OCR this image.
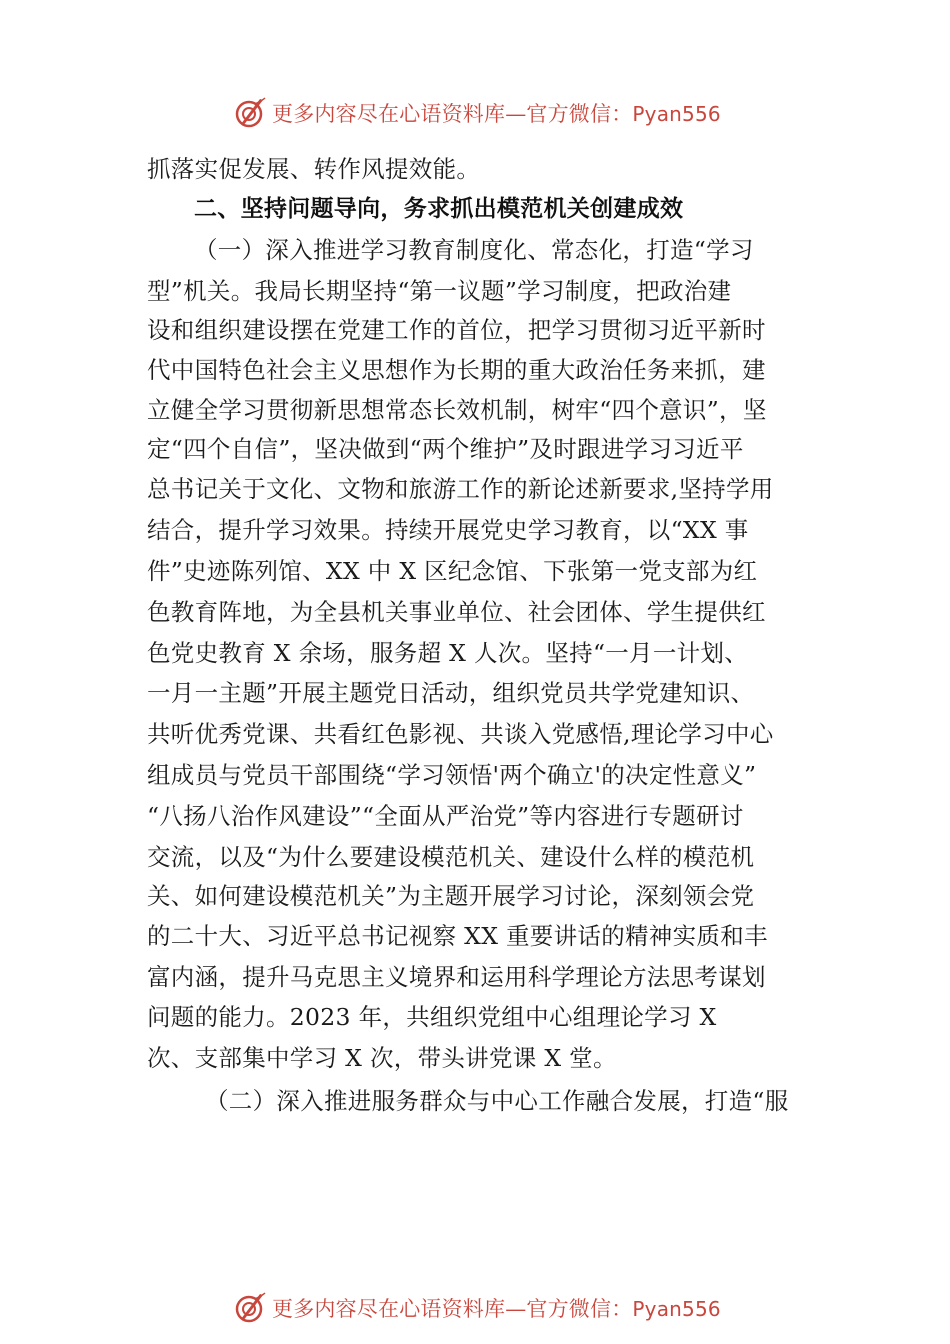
更多内容尽在心语资料库—官方微信：Pyan556
抓落实促发展、转作风提效能。
二、坚持问题导向，务求抓出模范机关创建成效
（一）深入推进学习教育制度化、常态化，打造“学习
型”机关。我局长期坚持“第一议题”学习制度，把政治建
设和组织建设摆在党建工作的首位，把学习贯彻习近平新时
代中国特色社会主义思想作为长期的重大政治任务来抓，建
立健全学习贯彻新思想常态长效机制，树牢“四个意识”，坚
定“四个自信”，坚决做到“两个维护”及时跟进学习习近平
总书记关于文化、文物和旅游工作的新论述新要求,坚持学用
结合，提升学习效果。持续开展党史学习教育，以“XX 事
件”史迹陈列馆、XX 中 X 区纪念馆、下张第一党支部为红
色教育阵地，为全县机关事业单位、社会团体、学生提供红
色党史教育 X 余场，服务超 X 人次。坚持“一月一计划、
一月一主题”开展主题党日活动，组织党员共学党建知识、
共听优秀党课、共看红色影视、共谈入党感悟,理论学习中心
组成员与党员干部围绕“学习领悟'两个确立'的决定性意义”
“八扬八治作风建设”“全面从严治党”等内容进行专题研讨
交流，以及“为什么要建设模范机关、建设什么样的模范机
关、如何建设模范机关”为主题开展学习讨论，深刻领会党
的二十大、习近平总书记视察 XX 重要讲话的精神实质和丰
富内涵，提升马克思主义境界和运用科学理论方法思考谋划
问题的能力。2023 年，共组织党组中心组理论学习 X
次、支部集中学习 X 次，带头讲党课 X 堂。
（二）深入推进服务群众与中心工作融合发展，打造“服
更多内容尽在心语资料库—官方微信：Pyan556
